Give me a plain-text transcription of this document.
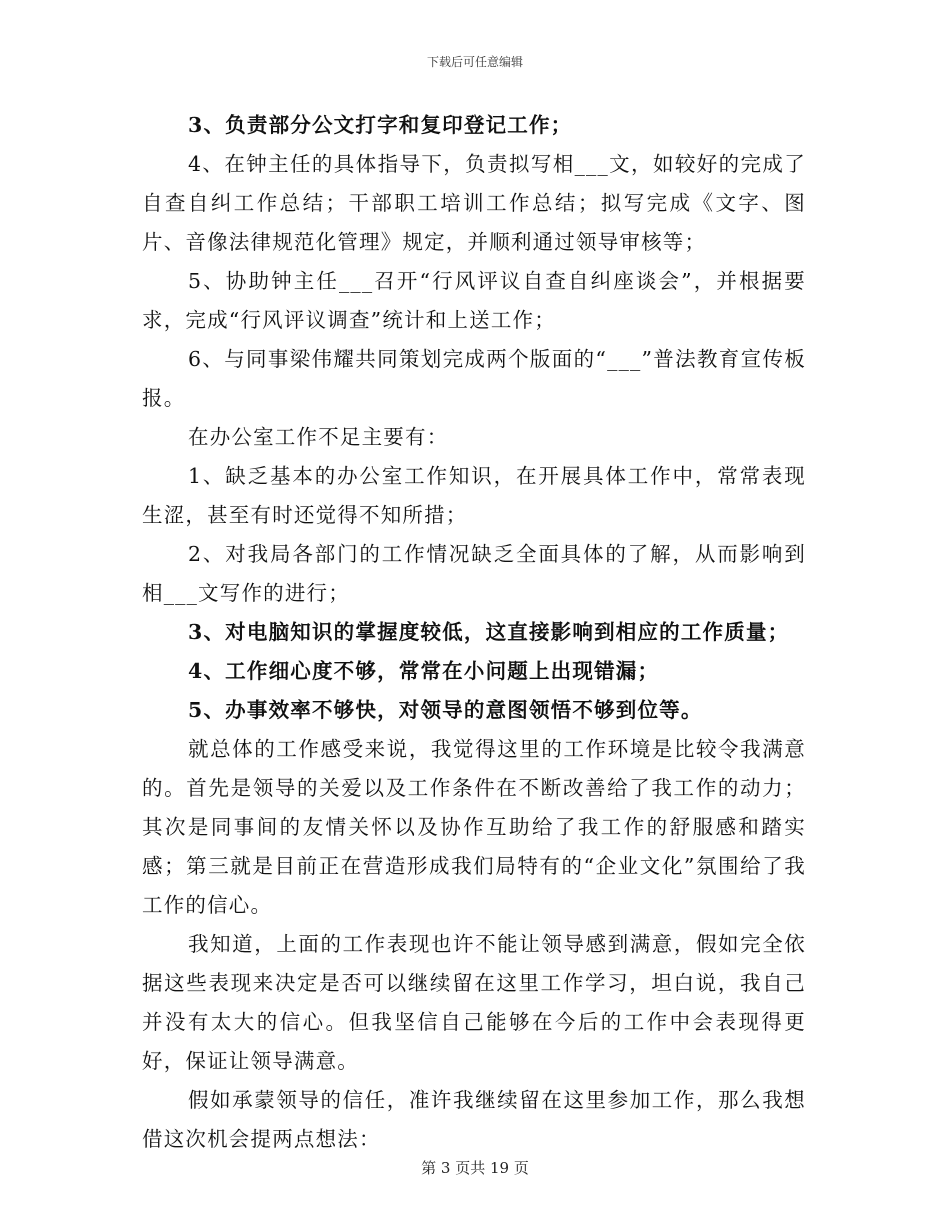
下载后可任意编辑

3、负责部分公文打字和复印登记工作；

4、在钟主任的具体指导下，负责拟写相___文，如较好的完成了自查自纠工作总结；干部职工培训工作总结；拟写完成《文字、图片、音像法律规范化管理》规定，并顺利通过领导审核等；

5、协助钟主任___召开“行风评议自查自纠座谈会”，并根据要求，完成“行风评议调查”统计和上送工作；

6、与同事梁伟耀共同策划完成两个版面的“___”普法教育宣传板报。

在办公室工作不足主要有：

1、缺乏基本的办公室工作知识，在开展具体工作中，常常表现生涩，甚至有时还觉得不知所措；

2、对我局各部门的工作情况缺乏全面具体的了解，从而影响到相___文写作的进行；

3、对电脑知识的掌握度较低，这直接影响到相应的工作质量；

4、工作细心度不够，常常在小问题上出现错漏；

5、办事效率不够快，对领导的意图领悟不够到位等。

就总体的工作感受来说，我觉得这里的工作环境是比较令我满意的。首先是领导的关爱以及工作条件在不断改善给了我工作的动力；其次是同事间的友情关怀以及协作互助给了我工作的舒服感和踏实感；第三就是目前正在营造形成我们局特有的“企业文化”氛围给了我工作的信心。

我知道，上面的工作表现也许不能让领导感到满意，假如完全依据这些表现来决定是否可以继续留在这里工作学习，坦白说，我自己并没有太大的信心。但我坚信自己能够在今后的工作中会表现得更好，保证让领导满意。

假如承蒙领导的信任，准许我继续留在这里参加工作，那么我想借这次机会提两点想法：

第 3 页共 19 页
